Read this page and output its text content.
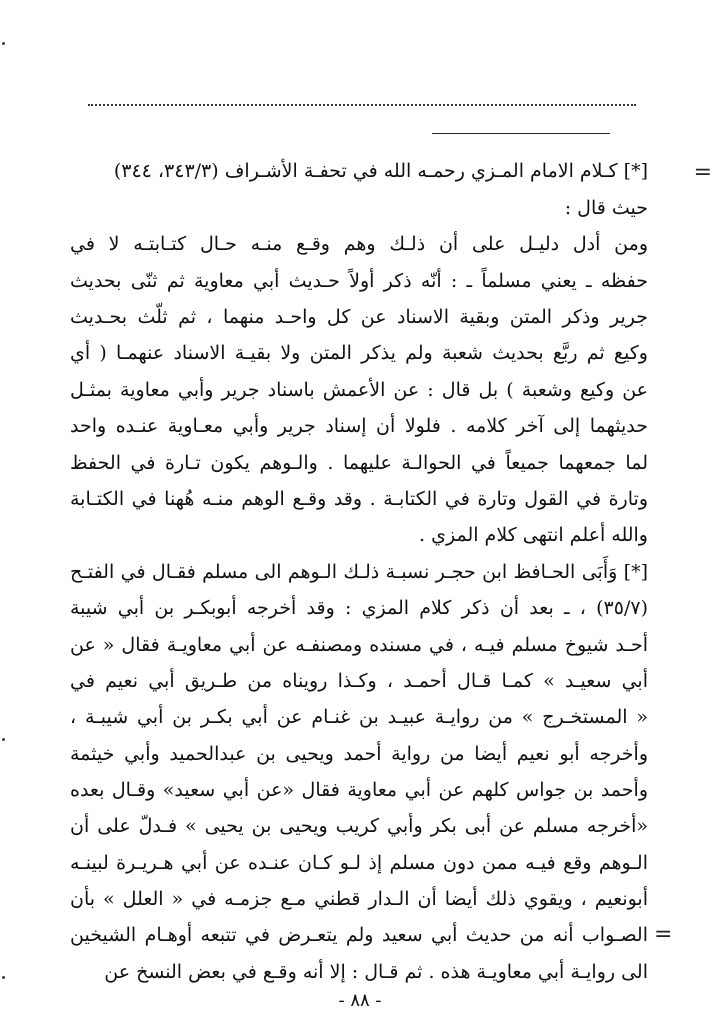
=
[*] كـلام الامام المـزي رحمـه الله في تحفـة الأشـراف (٣٤٣/٣، ٣٤٤)
حيث قال :
ومن أدل دليـل على أن ذلـك وهم وقـع منـه حـال كتـابتـه لا في
حفظه ـ يعني مسلماً ـ : أنّه ذكر أولاً حـديث أبي معاوية ثم ثنّى بحديث
جرير وذكر المتن وبقية الاسناد عن كل واحـد منهما ، ثم ثلّث بحـديث
وكيع ثم ربَّع بحديث شعبة ولم يذكر المتن ولا بقيـة الاسناد عنهمـا ( أي
عن وكيع وشعبة ) بل قال : عن الأعمش باسناد جرير وأبي معاوية بمثـل
حديثهما إلى آخر كلامه . فلولا أن إسناد جرير وأبي معـاوية عنـده واحد
لما جمعهما جميعاً في الحوالـة عليهما . والـوهم يكون تـارة في الحفظ
وتارة في القول وتارة في الكتابـة . وقد وقـع الوهم منـه هُهنا في الكتـابة
والله أعلم انتهى كلام المزي .
[*] وَأَبَى الحـافظ ابن حجـر نسبـة ذلـك الـوهم الى مسلم فقـال في الفتـح
(٣٥/٧) ، ـ بعد أن ذكر كلام المزي : وقد أخرجه أبوبكـر بن أبي شيبة
أحـد شيوخ مسلم فيـه ، في مسنده ومصنفـه عن أبي معاويـة فقال « عن
أبي سعيـد » كمـا قـال أحمـد ، وكـذا رويناه من طـريق أبي نعيم في
« المستخـرج » من روايـة عبيـد بن غنـام عن أبي بكـر بن أبي شيبـة ،
وأخرجه أبو نعيم أيضا من رواية أحمد ويحيى بن عبدالحميد وأبي خيثمة
وأحمد بن جواس كلهم عن أبي معاوية فقال «عن أبي سعيد» وقـال بعده
«أخرجه مسلم عن أبى بكر وأبي كريب ويحيى بن يحيى » فـدلّ على أن
الـوهم وقع فيـه ممن دون مسلم إذ لـو كـان عنـده عن أبي هـريـرة لبينـه
أبونعيم ، ويقوي ذلك أيضا أن الـدار قطني مـع جزمـه في « العلل » بأن
الصـواب أنه من حديث أبي سعيد ولم يتعـرض في تتبعه أوهـام الشيخين
الى روايـة أبي معاويـة هذه . ثم قـال : إلا أنه وقـع في بعض النسخ عن
=
- ٨٨ -
